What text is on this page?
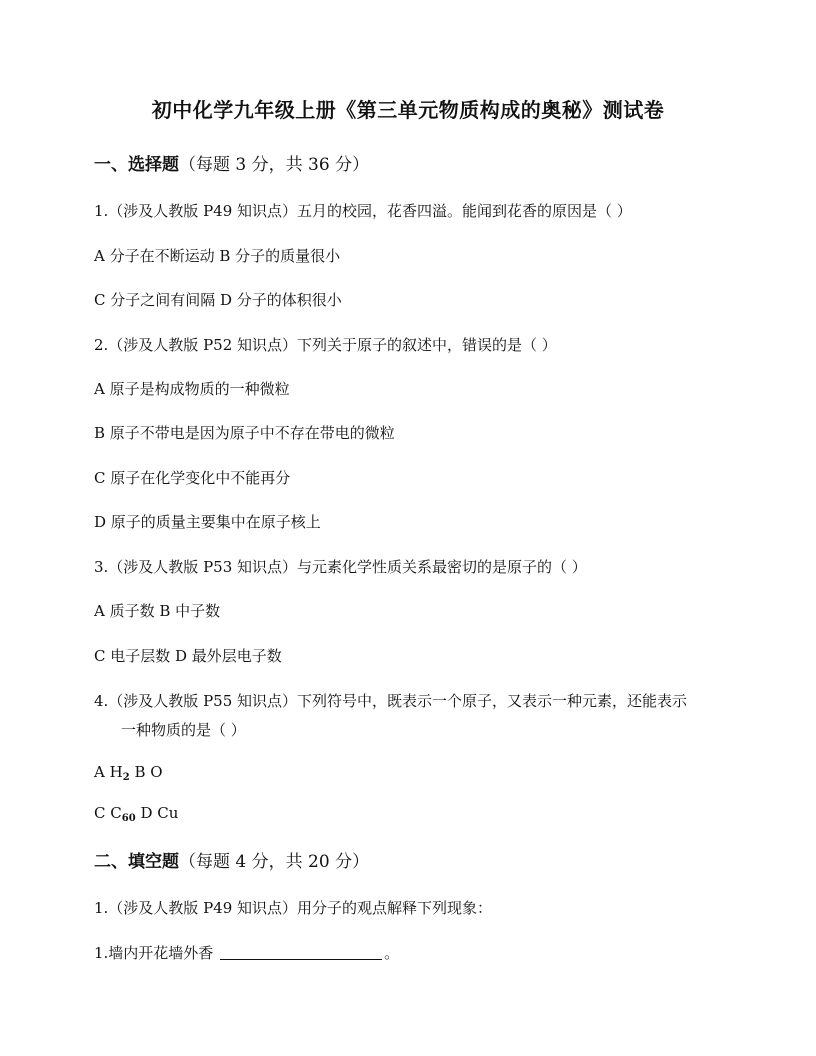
初中化学九年级上册《第三单元物质构成的奥秘》测试卷
一、选择题（每题 3 分，共 36 分）
1.（涉及人教版 P49 知识点）五月的校园，花香四溢。能闻到花香的原因是（ ）
A 分子在不断运动 B 分子的质量很小
C 分子之间有间隔 D 分子的体积很小
2.（涉及人教版 P52 知识点）下列关于原子的叙述中，错误的是（ ）
A 原子是构成物质的一种微粒
B 原子不带电是因为原子中不存在带电的微粒
C 原子在化学变化中不能再分
D 原子的质量主要集中在原子核上
3.（涉及人教版 P53 知识点）与元素化学性质关系最密切的是原子的（ ）
A 质子数 B 中子数
C 电子层数 D 最外层电子数
4.（涉及人教版 P55 知识点）下列符号中，既表示一个原子，又表示一种元素，还能表示
一种物质的是（ ）
A $H_2$ B O
C $C_{60}$ D Cu
二、填空题（每题 4 分，共 20 分）
1.（涉及人教版 P49 知识点）用分子的观点解释下列现象：
1.墙内开花墙外香	。
